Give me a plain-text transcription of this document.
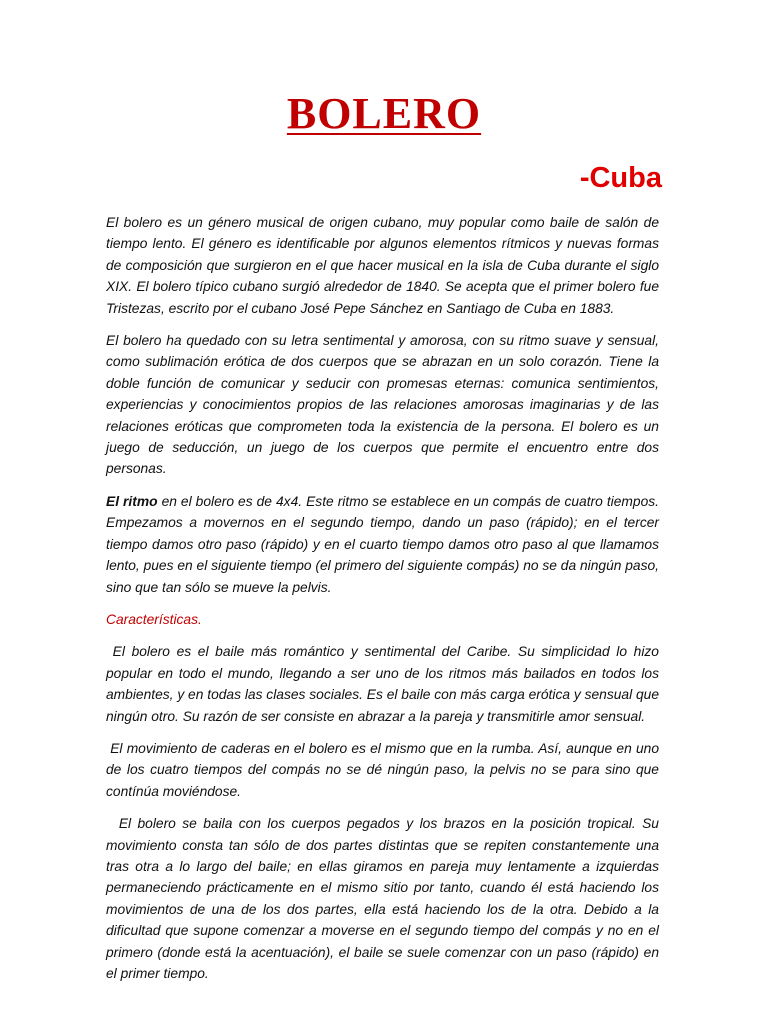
BOLERO
-Cuba

El bolero es un género musical de origen cubano, muy popular como baile de salón de tiempo lento. El género es identificable por algunos elementos rítmicos y nuevas formas de composición que surgieron en el que hacer musical en la isla de Cuba durante el siglo XIX. El bolero típico cubano surgió alrededor de 1840. Se acepta que el primer bolero fue Tristezas, escrito por el cubano José Pepe Sánchez en Santiago de Cuba en 1883.

El bolero ha quedado con su letra sentimental y amorosa, con su ritmo suave y sensual, como sublimación erótica de dos cuerpos que se abrazan en un solo corazón. Tiene la doble función de comunicar y seducir con promesas eternas: comunica sentimientos, experiencias y conocimientos propios de las relaciones amorosas imaginarias y de las relaciones eróticas que comprometen toda la existencia de la persona. El bolero es un juego de seducción, un juego de los cuerpos que permite el encuentro entre dos personas.

El ritmo en el bolero es de 4x4. Este ritmo se establece en un compás de cuatro tiempos. Empezamos a movernos en el segundo tiempo, dando un paso (rápido); en el tercer tiempo damos otro paso (rápido) y en el cuarto tiempo damos otro paso al que llamamos lento, pues en el siguiente tiempo (el primero del siguiente compás) no se da ningún paso, sino que tan sólo se mueve la pelvis.

Características.

El bolero es el baile más romántico y sentimental del Caribe. Su simplicidad lo hizo popular en todo el mundo, llegando a ser uno de los ritmos más bailados en todos los ambientes, y en todas las clases sociales. Es el baile con más carga erótica y sensual que ningún otro. Su razón de ser consiste en abrazar a la pareja y transmitirle amor sensual.

El movimiento de caderas en el bolero es el mismo que en la rumba. Así, aunque en uno de los cuatro tiempos del compás no se dé ningún paso, la pelvis no se para sino que contínúa moviéndose.

El bolero se baila con los cuerpos pegados y los brazos en la posición tropical. Su movimiento consta tan sólo de dos partes distintas que se repiten constantemente una tras otra a lo largo del baile; en ellas giramos en pareja muy lentamente a izquierdas permaneciendo prácticamente en el mismo sitio por tanto, cuando él está haciendo los movimientos de una de los dos partes, ella está haciendo los de la otra. Debido a la dificultad que supone comenzar a moverse en el segundo tiempo del compás y no en el primero (donde está la acentuación), el baile se suele comenzar con un paso (rápido) en el primer tiempo.
